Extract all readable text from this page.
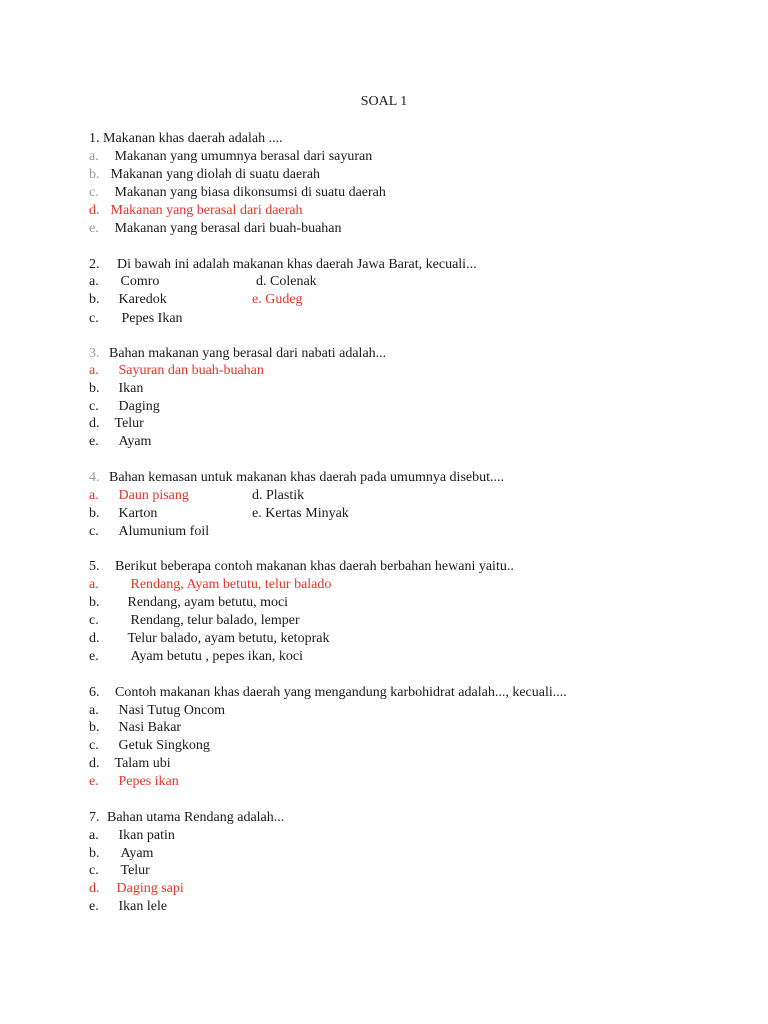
SOAL 1
1. Makanan khas daerah adalah ....
a. Makanan yang umumnya berasal dari sayuran
b. Makanan yang diolah di suatu daerah
c. Makanan yang biasa dikonsumsi di suatu daerah
d. Makanan yang berasal dari daerah
e. Makanan yang berasal dari buah-buahan
2. Di bawah ini adalah makanan khas daerah Jawa Barat, kecuali...
a. Comro	d. Colenak
b. Karedok	e. Gudeg
c. Pepes Ikan
3. Bahan makanan yang berasal dari nabati adalah...
a. Sayuran dan buah-buahan
b. Ikan
c. Daging
d. Telur
e. Ayam
4. Bahan kemasan untuk makanan khas daerah pada umumnya disebut....
a. Daun pisang	d. Plastik
b. Karton	e. Kertas Minyak
c. Alumunium foil
5. Berikut beberapa contoh makanan khas daerah berbahan hewani yaitu..
a. Rendang, Ayam betutu, telur balado
b. Rendang, ayam betutu, moci
c. Rendang, telur balado, lemper
d. Telur balado, ayam betutu, ketoprak
e. Ayam betutu , pepes ikan, koci
6. Contoh makanan khas daerah yang mengandung karbohidrat adalah..., kecuali....
a. Nasi Tutug Oncom
b. Nasi Bakar
c. Getuk Singkong
d. Talam ubi
e. Pepes ikan
7. Bahan utama Rendang adalah...
a. Ikan patin
b. Ayam
c. Telur
d. Daging sapi
e. Ikan lele
